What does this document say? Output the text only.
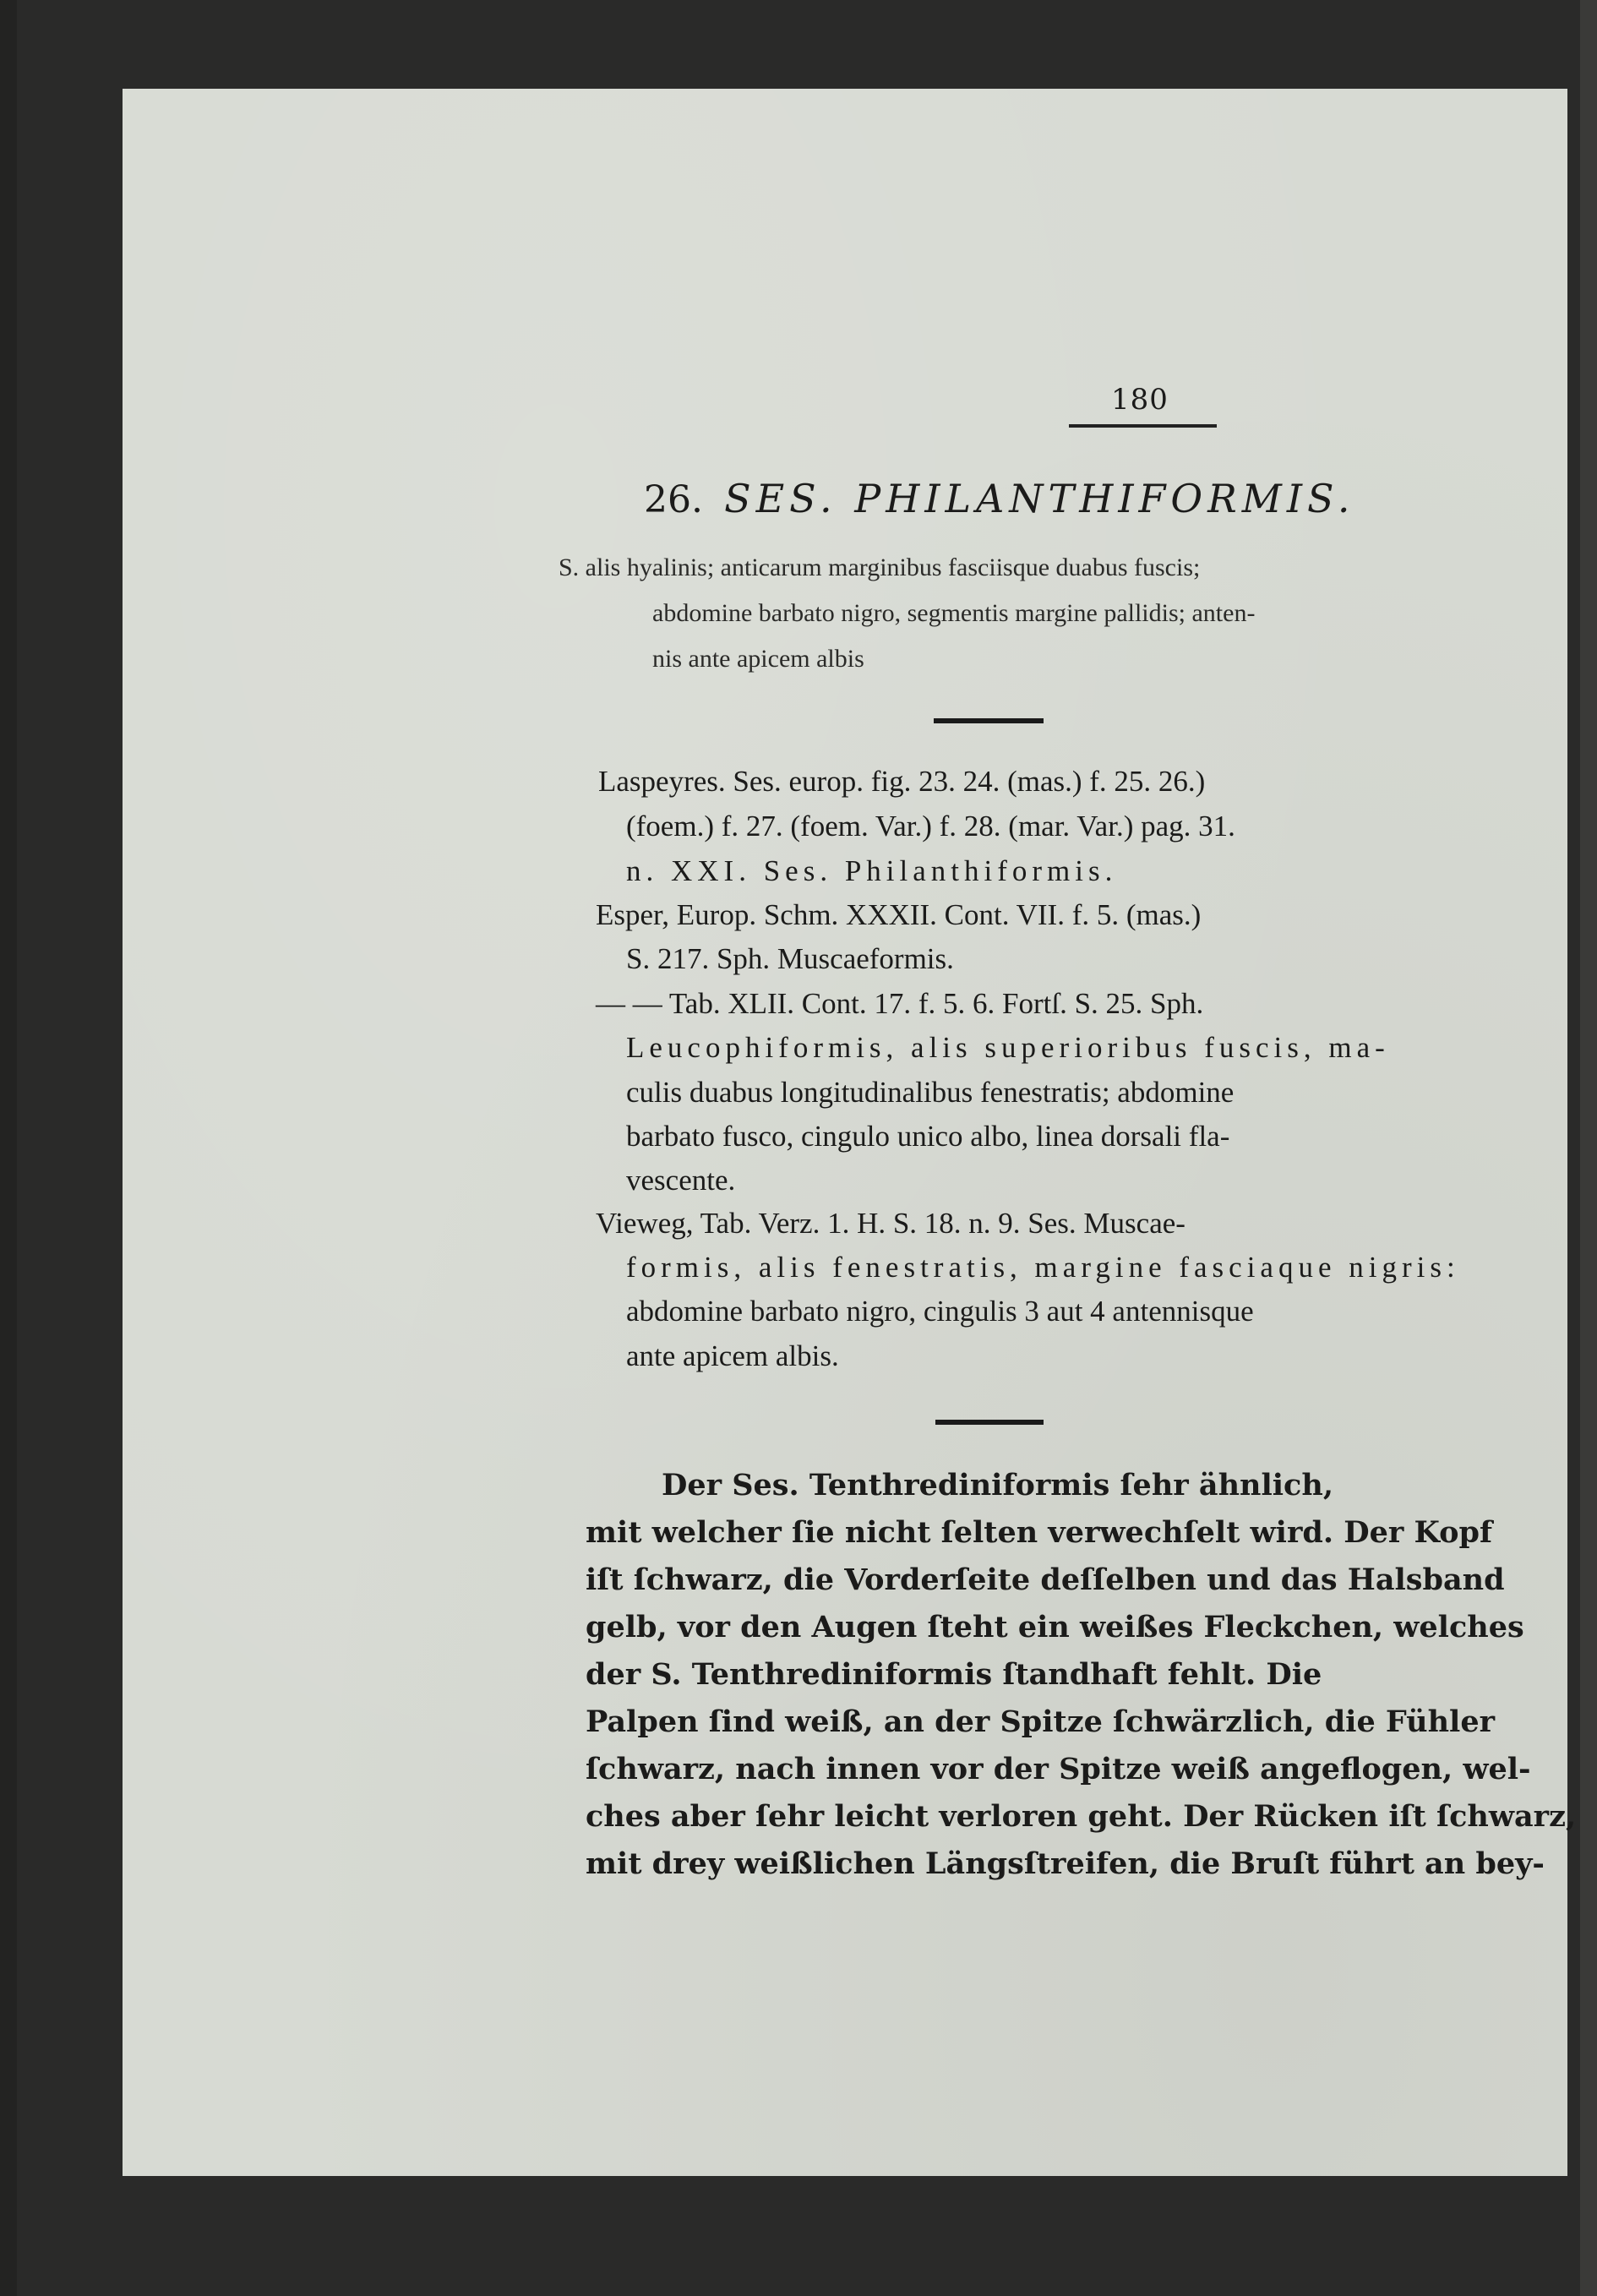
180
26. SES. PHILANTHIFORMIS.
S. alis hyalinis; anticarum marginibus fasciisque duabus fuscis;
abdomine barbato nigro, segmentis margine pallidis; anten-
nis ante apicem albis
Laspeyres. Ses. europ. fig. 23. 24. (mas.) f. 25. 26.)
(foem.) f. 27. (foem. Var.) f. 28. (mar. Var.) pag. 31.
n. XXI. Ses. Philanthiformis.
Esper, Europ. Schm. XXXII. Cont. VII. f. 5. (mas.)
S. 217. Sph. Muscaeformis.
— — Tab. XLII. Cont. 17. f. 5. 6. Fortſ. S. 25. Sph.
Leucophiformis, alis superioribus fuscis, ma-
culis duabus longitudinalibus fenestratis; abdomine
barbato fusco, cingulo unico albo, linea dorsali fla-
vescente.
Vieweg, Tab. Verz. 1. H. S. 18. n. 9. Ses. Muscae-
formis, alis fenestratis, margine fasciaque nigris:
abdomine barbato nigro, cingulis 3 aut 4 antennisque
ante apicem albis.
Der Ses. Tenthrediniformis ſehr ähnlich,
mit welcher ſie nicht ſelten verwechſelt wird. Der Kopf
iſt ſchwarz, die Vorderſeite deſſelben und das Halsband
gelb, vor den Augen ſteht ein weißes Fleckchen, welches
der S. Tenthrediniformis ſtandhaft fehlt. Die
Palpen ſind weiß, an der Spitze ſchwärzlich, die Fühler
ſchwarz, nach innen vor der Spitze weiß angeflogen, wel-
ches aber ſehr leicht verloren geht. Der Rücken iſt ſchwarz,
mit drey weißlichen Längsſtreifen, die Bruſt führt an bey-
